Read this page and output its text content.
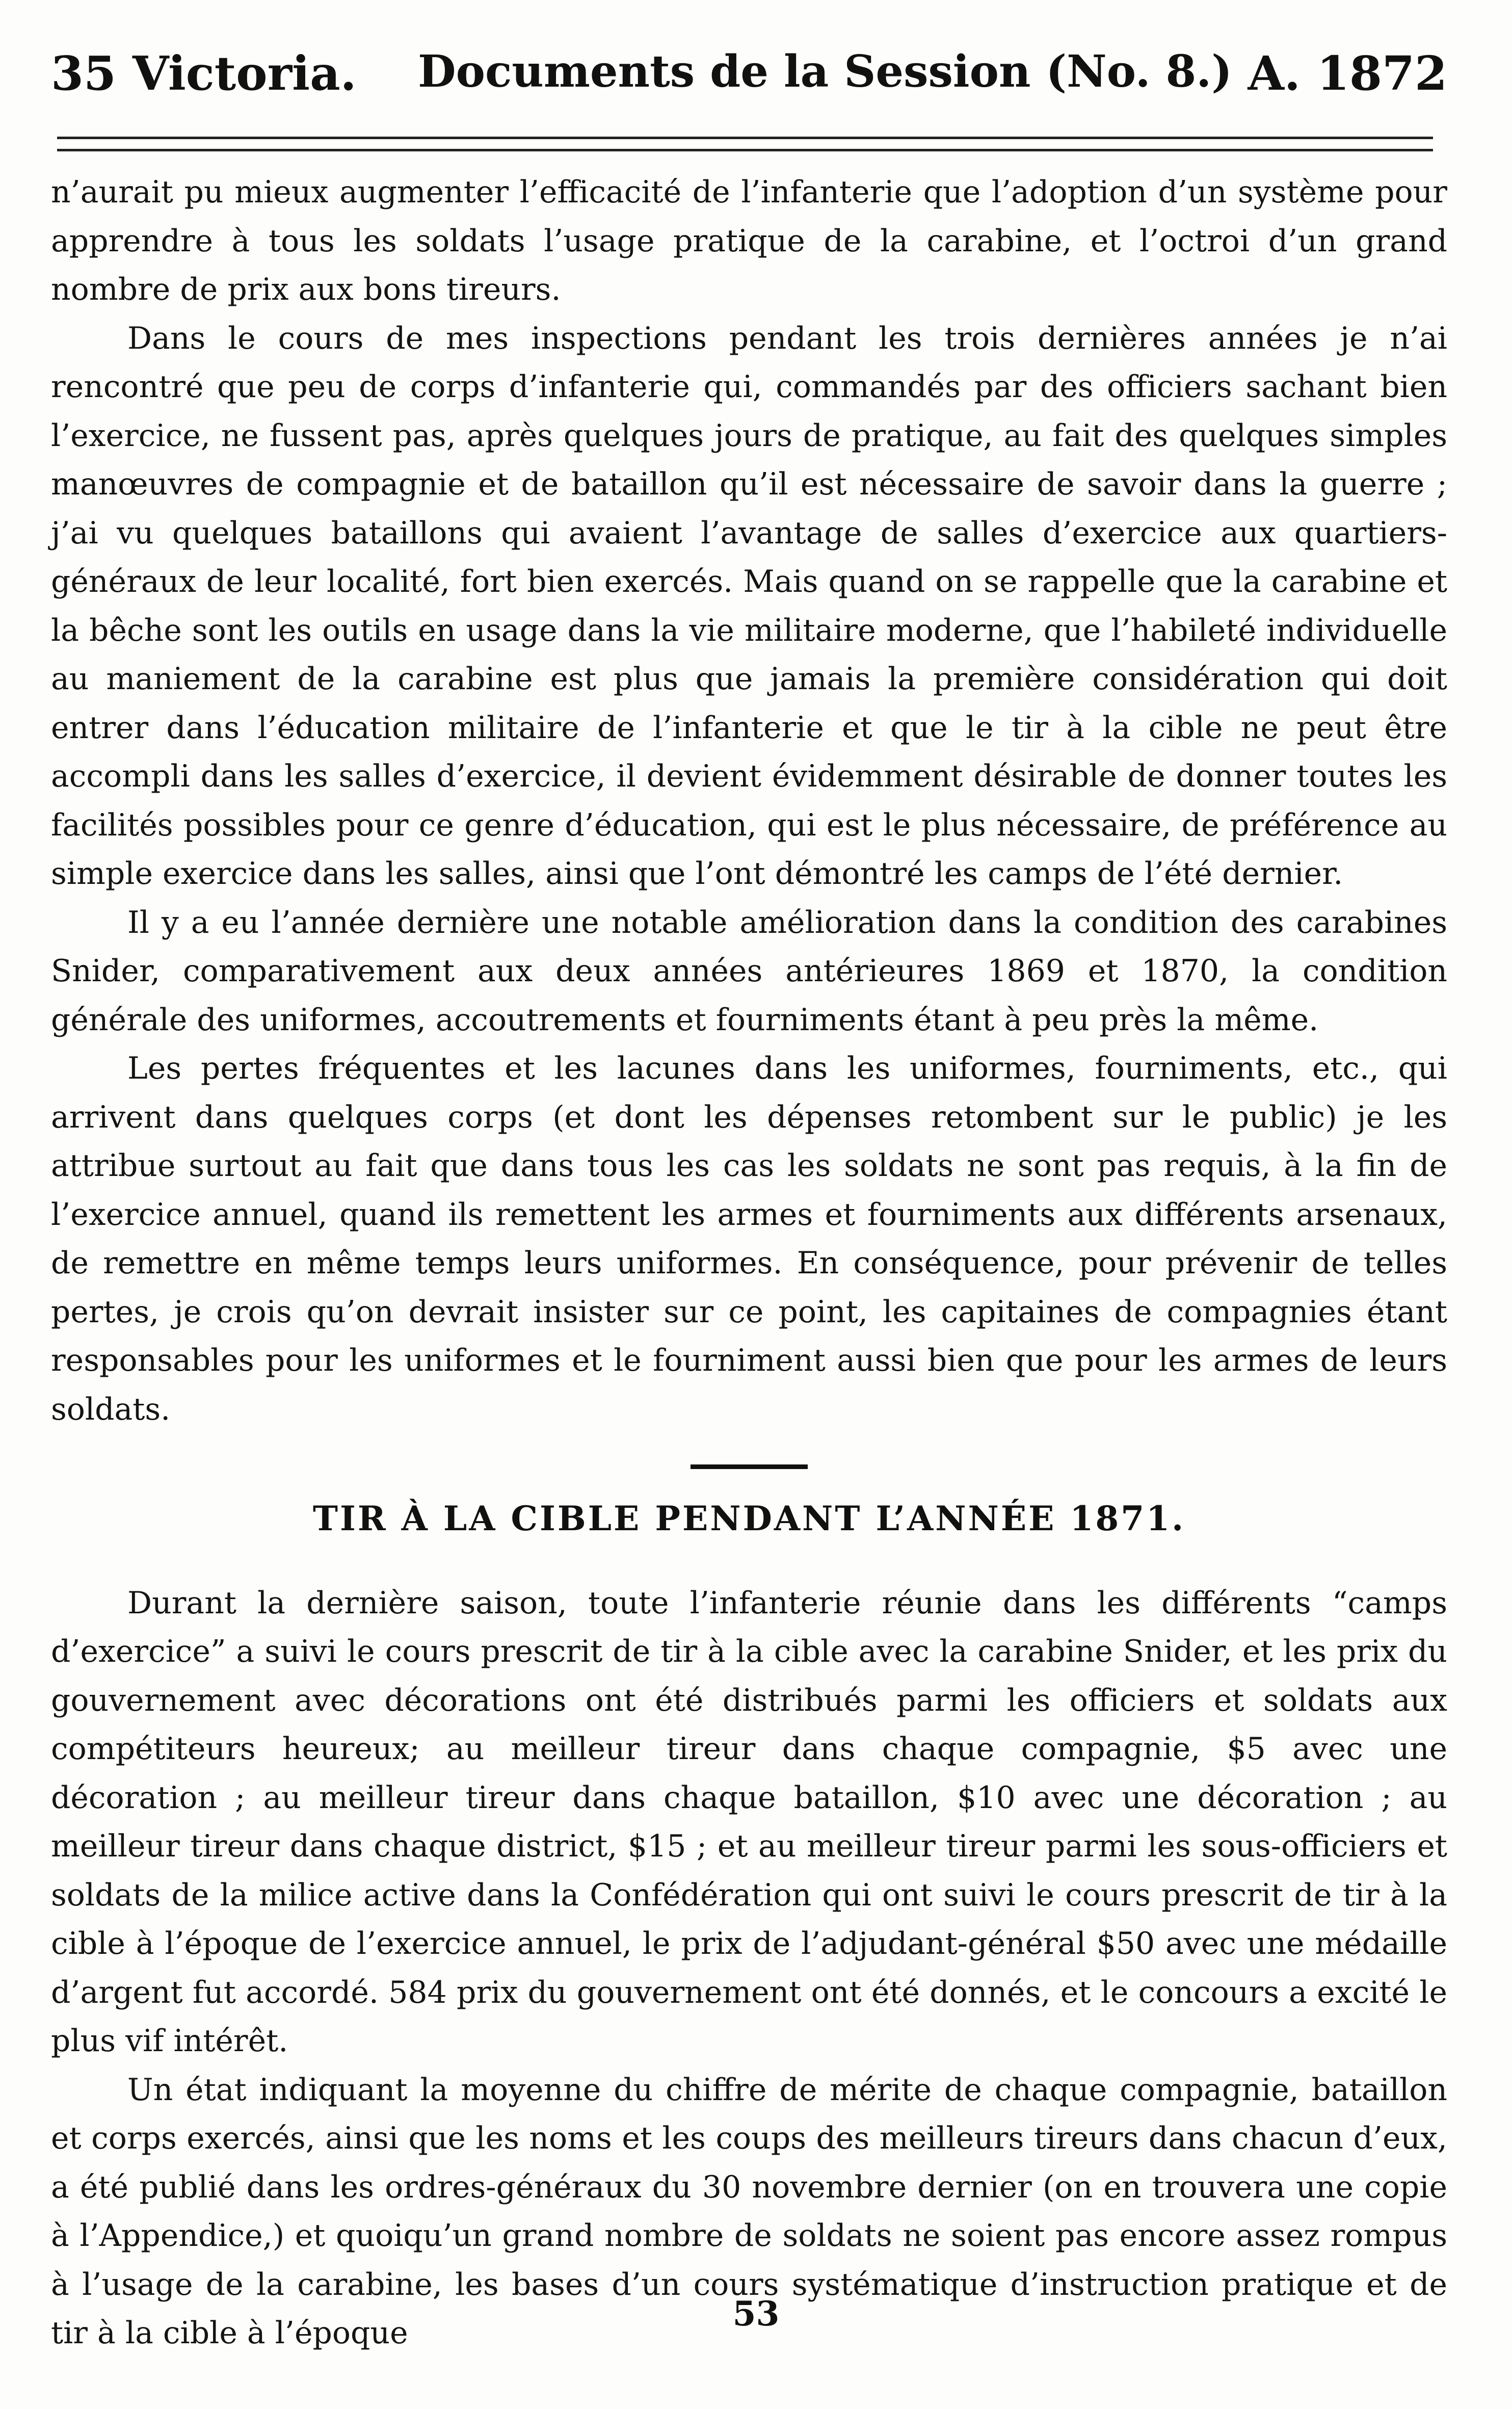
35 Victoria. Documents de la Session (No. 8.) A. 1872

n’aurait pu mieux augmenter l’efficacité de l’infanterie que l’adoption d’un système pour apprendre à tous les soldats l’usage pratique de la carabine, et l’octroi d’un grand nombre de prix aux bons tireurs.

Dans le cours de mes inspections pendant les trois dernières années je n’ai rencontré que peu de corps d’infanterie qui, commandés par des officiers sachant bien l’exercice, ne fussent pas, après quelques jours de pratique, au fait des quelques simples manœuvres de compagnie et de bataillon qu’il est nécessaire de savoir dans la guerre ; j’ai vu quelques bataillons qui avaient l’avantage de salles d’exercice aux quartiers-généraux de leur localité, fort bien exercés. Mais quand on se rappelle que la carabine et la bêche sont les outils en usage dans la vie militaire moderne, que l’habileté individuelle au maniement de la carabine est plus que jamais la première considération qui doit entrer dans l’éducation militaire de l’infanterie et que le tir à la cible ne peut être accompli dans les salles d’exercice, il devient évidemment désirable de donner toutes les facilités possibles pour ce genre d’éducation, qui est le plus nécessaire, de préférence au simple exercice dans les salles, ainsi que l’ont démontré les camps de l’été dernier.

Il y a eu l’année dernière une notable amélioration dans la condition des carabines Snider, comparativement aux deux années antérieures 1869 et 1870, la condition générale des uniformes, accoutrements et fourniments étant à peu près la même.

Les pertes fréquentes et les lacunes dans les uniformes, fourniments, etc., qui arrivent dans quelques corps (et dont les dépenses retombent sur le public) je les attribue surtout au fait que dans tous les cas les soldats ne sont pas requis, à la fin de l’exercice annuel, quand ils remettent les armes et fourniments aux différents arsenaux, de remettre en même temps leurs uniformes. En conséquence, pour prévenir de telles pertes, je crois qu’on devrait insister sur ce point, les capitaines de compagnies étant responsables pour les uniformes et le fourniment aussi bien que pour les armes de leurs soldats.

TIR À LA CIBLE PENDANT L’ANNÉE 1871.

Durant la dernière saison, toute l’infanterie réunie dans les différents “camps d’exercice” a suivi le cours prescrit de tir à la cible avec la carabine Snider, et les prix du gouvernement avec décorations ont été distribués parmi les officiers et soldats aux compétiteurs heureux; au meilleur tireur dans chaque compagnie, $5 avec une décoration ; au meilleur tireur dans chaque bataillon, $10 avec une décoration ; au meilleur tireur dans chaque district, $15 ; et au meilleur tireur parmi les sous-officiers et soldats de la milice active dans la Confédération qui ont suivi le cours prescrit de tir à la cible à l’époque de l’exercice annuel, le prix de l’adjudant-général $50 avec une médaille d’argent fut accordé. 584 prix du gouvernement ont été donnés, et le concours a excité le plus vif intérêt.

Un état indiquant la moyenne du chiffre de mérite de chaque compagnie, bataillon et corps exercés, ainsi que les noms et les coups des meilleurs tireurs dans chacun d’eux, a été publié dans les ordres-généraux du 30 novembre dernier (on en trouvera une copie à l’Appendice,) et quoiqu’un grand nombre de soldats ne soient pas encore assez rompus à l’usage de la carabine, les bases d’un cours systématique d’instruction pratique et de tir à la cible à l’époque	53
